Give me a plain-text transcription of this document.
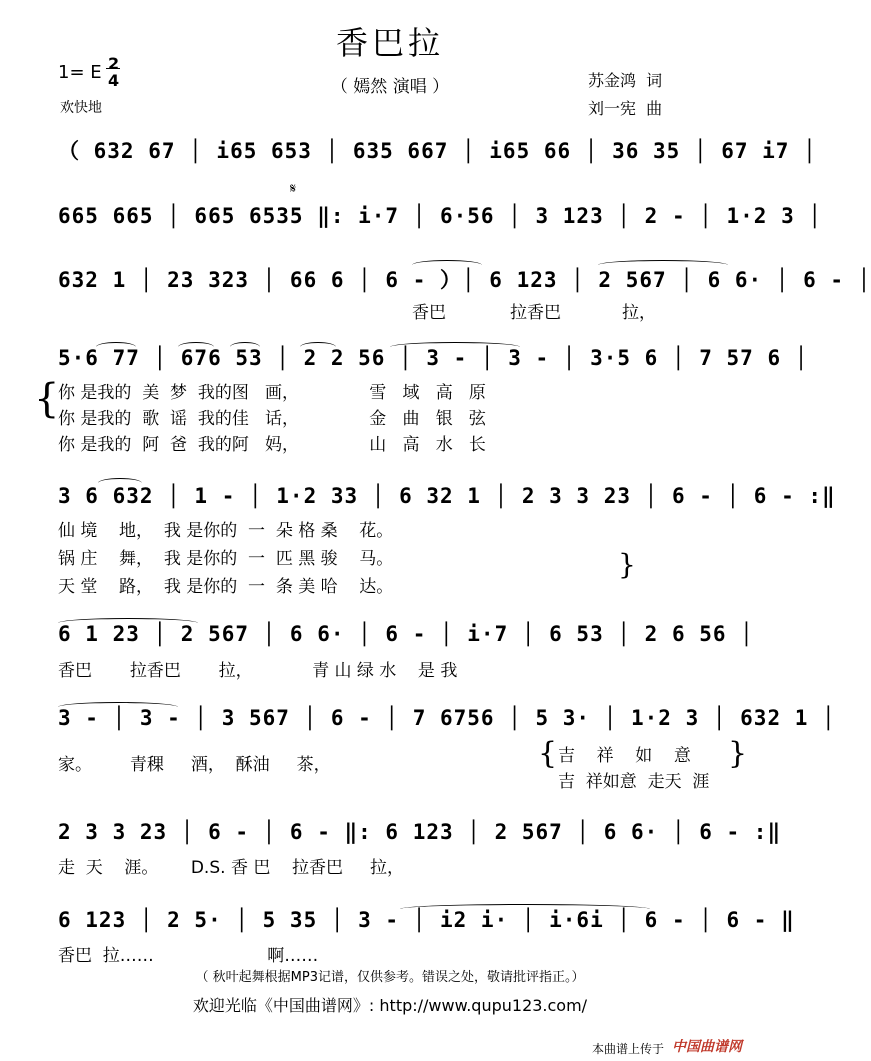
香巴拉
（ 嫣然 演唱 ）
1= E 2
4
欢快地
苏金鸿  词
刘一宪  曲
（ 632 67 │ i65 653 │ 635 667 │ i65 66 │ 36 35 │ 67 i7 │
𝄋
665 665 │ 665 6535 ‖: i·7 │ 6·56 │ 3 123 │ 2 - │ 1·2 3 │
632 1 │ 23 323 │ 66 6 │ 6 - ）│ 6 123 │ 2 567 │ 6 6· │ 6 - │
香巴	拉香巴	拉，
5·6 77 │ 676 53 │ 2 2 56 │ 3 - │ 3 - │ 3·5 6 │ 7 57 6 │
{
你 是我的  美  梦  我的图   画，             雪   域   高   原
你 是我的  歌  谣  我的佳   话，             金   曲   银   弦
你 是我的  阿  爸  我的阿   妈，             山   高   水   长
3 6 632 │ 1 - │ 1·2 33 │ 6 32 1 │ 2 3 3 23 │ 6 - │ 6 - :‖
仙 境    地，  我 是你的  一  朵 格 桑    花。
锅 庄    舞，  我 是你的  一  匹 黑 骏    马。
天 堂    路，  我 是你的  一  条 美 哈    达。
}
6 1 23 │ 2 567 │ 6 6· │ 6 - │ i·7 │ 6 53 │ 2 6 56 │
香巴       拉香巴       拉，           青 山 绿 水    是 我
3 - │ 3 - │ 3 567 │ 6 - │ 7 6756 │ 5 3· │ 1·2 3 │ 632 1 │
家。       青稞     酒，  酥油     茶，	{ 吉    祥    如    意
吉  祥如意  走天  涯
}
2 3 3 23 │ 6 - │ 6 - ‖: 6 123 │ 2 567 │ 6 6· │ 6 - :‖
走  天    涯。      D.S. 香 巴    拉香巴     拉，
6 123 │ 2 5· │ 5 35 │ 3 - │ i2 i· │ i·6i │ 6 - │ 6 - ‖
香巴  拉……                     啊……
（ 秋叶起舞根据MP3记谱，仅供参考。错误之处，敬请批评指正。）
欢迎光临《中国曲谱网》: http://www.qupu123.com/
本曲谱上传于 中国曲谱网
